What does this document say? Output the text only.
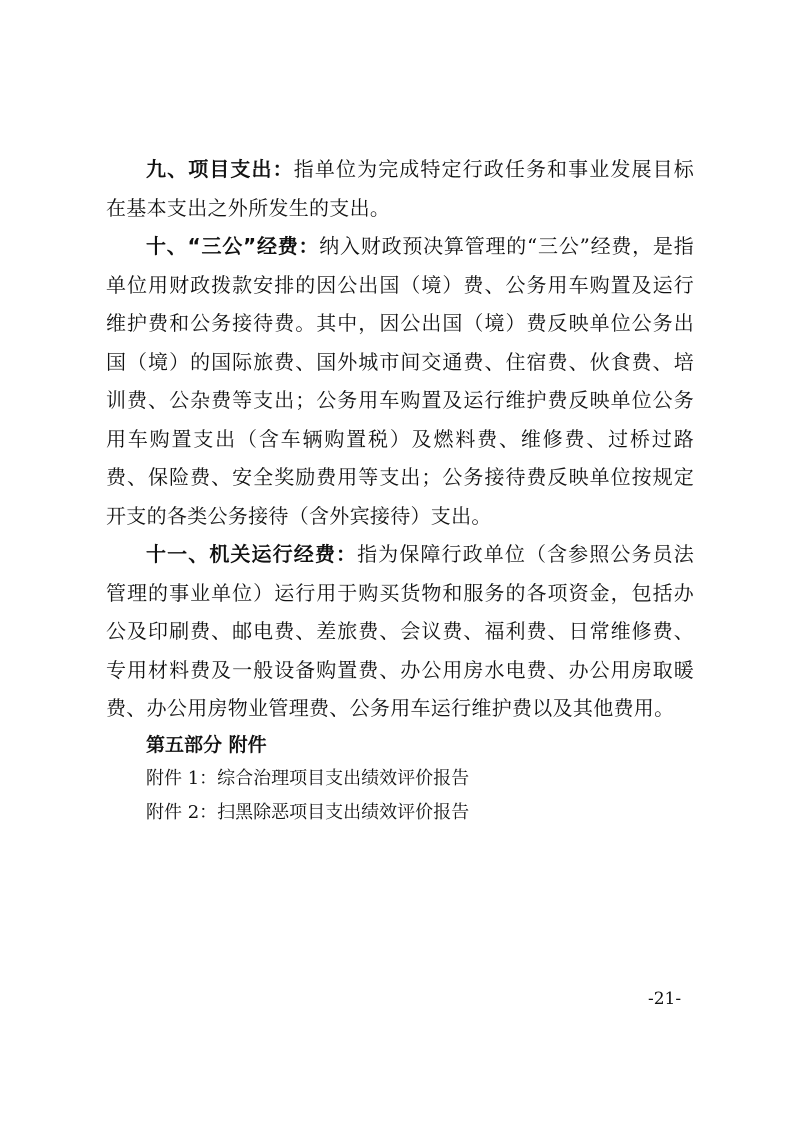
九、项目支出：指单位为完成特定行政任务和事业发展目标在基本支出之外所发生的支出。

十、“三公”经费：纳入财政预决算管理的“三公”经费，是指单位用财政拨款安排的因公出国（境）费、公务用车购置及运行维护费和公务接待费。其中，因公出国（境）费反映单位公务出国（境）的国际旅费、国外城市间交通费、住宿费、伙食费、培训费、公杂费等支出；公务用车购置及运行维护费反映单位公务用车购置支出（含车辆购置税）及燃料费、维修费、过桥过路费、保险费、安全奖励费用等支出；公务接待费反映单位按规定开支的各类公务接待（含外宾接待）支出。

十一、机关运行经费：指为保障行政单位（含参照公务员法管理的事业单位）运行用于购买货物和服务的各项资金，包括办公及印刷费、邮电费、差旅费、会议费、福利费、日常维修费、专用材料费及一般设备购置费、办公用房水电费、办公用房取暖费、办公用房物业管理费、公务用车运行维护费以及其他费用。

第五部分 附件

附件 1：综合治理项目支出绩效评价报告

附件 2：扫黑除恶项目支出绩效评价报告

-21-
